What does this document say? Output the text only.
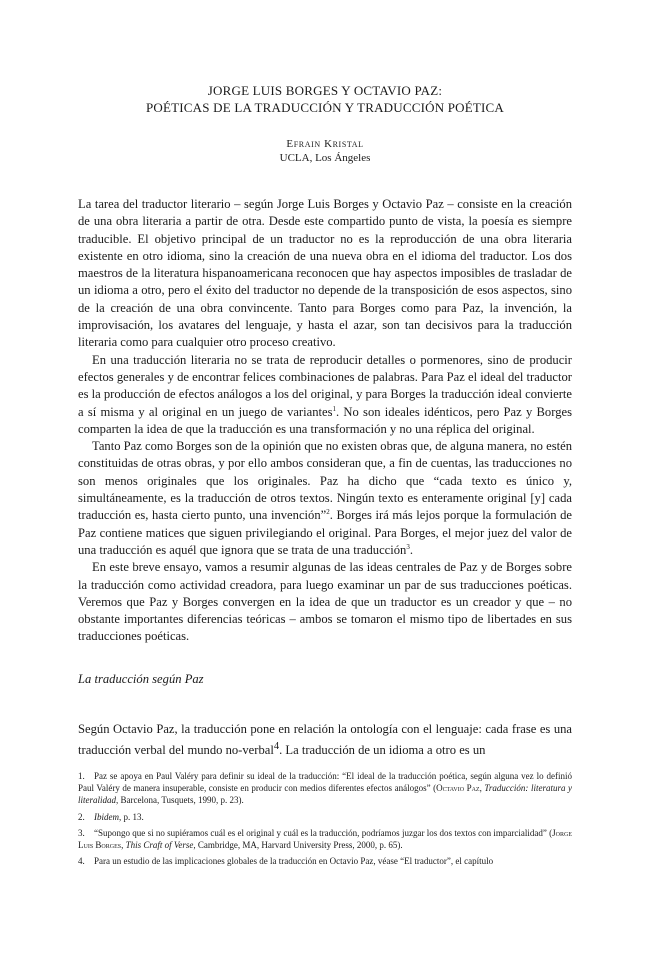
JORGE LUIS BORGES Y OCTAVIO PAZ:
POÉTICAS DE LA TRADUCCIÓN Y TRADUCCIÓN POÉTICA
Efrain Kristal
UCLA, Los Ángeles

La tarea del traductor literario – según Jorge Luis Borges y Octavio Paz – consiste en la creación de una obra literaria a partir de otra. Desde este compartido punto de vista, la poesía es siempre traducible. El objetivo principal de un traductor no es la reproducción de una obra literaria existente en otro idioma, sino la creación de una nueva obra en el idioma del traductor. Los dos maestros de la literatura hispanoamericana reconocen que hay aspectos imposibles de trasladar de un idioma a otro, pero el éxito del traductor no depende de la transposición de esos aspectos, sino de la creación de una obra convincente. Tanto para Borges como para Paz, la invención, la improvisación, los avatares del lenguaje, y hasta el azar, son tan decisivos para la traducción literaria como para cualquier otro proceso creativo.

En una traducción literaria no se trata de reproducir detalles o pormenores, sino de producir efectos generales y de encontrar felices combinaciones de palabras. Para Paz el ideal del traductor es la producción de efectos análogos a los del original, y para Borges la traducción ideal convierte a sí misma y al original en un juego de variantes$^1$. No son ideales idénticos, pero Paz y Borges comparten la idea de que la traducción es una transformación y no una réplica del original.

Tanto Paz como Borges son de la opinión que no existen obras que, de alguna manera, no estén constituidas de otras obras, y por ello ambos consideran que, a fin de cuentas, las traducciones no son menos originales que los originales. Paz ha dicho que “cada texto es único y, simultáneamente, es la traducción de otros textos. Ningún texto es enteramente original [y] cada traducción es, hasta cierto punto, una invención”$^2$. Borges irá más lejos porque la formulación de Paz contiene matices que siguen privilegiando el original. Para Borges, el mejor juez del valor de una traducción es aquél que ignora que se trata de una traducción$^3$.

En este breve ensayo, vamos a resumir algunas de las ideas centrales de Paz y de Borges sobre la traducción como actividad creadora, para luego examinar un par de sus traducciones poéticas. Veremos que Paz y Borges convergen en la idea de que un traductor es un creador y que – no obstante importantes diferencias teóricas – ambos se tomaron el mismo tipo de libertades en sus traducciones poéticas.

La traducción según Paz

Según Octavio Paz, la traducción pone en relación la ontología con el lenguaje: cada frase es una traducción verbal del mundo no-verbal$^4$. La traducción de un idioma a otro es un

1. Paz se apoya en Paul Valéry para definir su ideal de la traducción: “El ideal de la traducción poética, según alguna vez lo definió Paul Valéry de manera insuperable, consiste en producir con medios diferentes efectos análogos” (Octavio Paz, Traducción: literatura y literalidad, Barcelona, Tusquets, 1990, p. 23).

2. Ibidem, p. 13.

3. “Supongo que si no supiéramos cuál es el original y cuál es la traducción, podríamos juzgar los dos textos con imparcialidad” (Jorge Luis Borges, This Craft of Verse, Cambridge, MA, Harvard University Press, 2000, p. 65).

4. Para un estudio de las implicaciones globales de la traducción en Octavio Paz, véase “El traductor”, el capítulo
